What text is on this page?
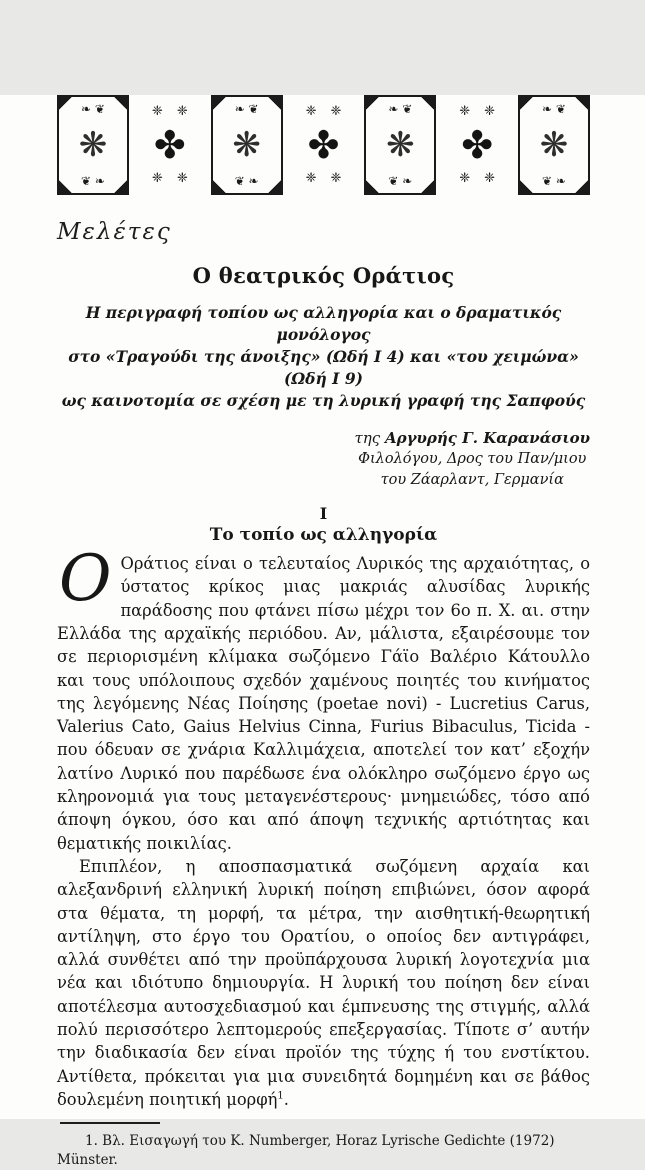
❧ ❦ ❋
❦ ❧ ❈❈ ✤
❈❈ ❧ ❦ ❋
❦ ❧ ❈❈ ✤
❈❈ ❧ ❦ ❋
❦ ❧ ❈❈ ✤
❈❈ ❧ ❦ ❋
❦ ❧
Μελέτες
Ο θεατρικός Οράτιος
Η περιγραφή τοπίου ως αλληγορία και ο δραματικός μονόλογος
στο «Τραγούδι της άνοιξης» (Ωδή I 4) και «του χειμώνα» (Ωδή I 9)
ως καινοτομία σε σχέση με τη λυρική γραφή της Σαπφούς
της Αργυρής Γ. Καρανάσιου
Φιλολόγου, Δρος του Παν/μιου
του Ζάαρλαντ, Γερμανία
I
Το τοπίο ως αλληγορία

Ο Οράτιος είναι ο τελευταίος Λυρικός της αρχαιότητας, ο ύστατος κρίκος μιας μακριάς αλυσίδας λυρικής παράδοσης που φτάνει πίσω μέχρι τον 6ο π. Χ. αι. στην Ελλάδα της αρχαϊκής περιόδου. Αν, μάλιστα, εξαιρέσουμε τον σε περιορισμένη κλίμακα σωζόμενο Γάϊο Βαλέριο Κάτουλλο και τους υπόλοιπους σχεδόν χαμένους ποιητές του κινήματος της λεγόμενης Νέας Ποίησης (poetae novi) - Lucretius Carus, Valerius Cato, Gaius Helvius Cinna, Furius Bibaculus, Ticida - που όδευαν σε χνάρια Καλλιμάχεια, αποτελεί τον κατ’ εξοχήν λατίνο Λυρικό που παρέδωσε ένα ολόκληρο σωζόμενο έργο ως κληρονομιά για τους μεταγενέστερους· μνημειώδες, τόσο από άποψη όγκου, όσο και από άποψη τεχνικής αρτιότητας και θεματικής ποικιλίας.

Επιπλέον, η αποσπασματικά σωζόμενη αρχαία και αλεξανδρινή ελληνική λυρική ποίηση επιβιώνει, όσον αφορά στα θέματα, τη μορφή, τα μέτρα, την αισθητική-θεωρητική αντίληψη, στο έργο του Ορατίου, ο οποίος δεν αντιγράφει, αλλά συνθέτει από την προϋπάρχουσα λυρική λογοτεχνία μια νέα και ιδιότυπο δημιουργία. Η λυρική του ποίηση δεν είναι αποτέλεσμα αυτοσχεδιασμού και έμπνευσης της στιγμής, αλλά πολύ περισσότερο λεπτομερούς επεξεργασίας. Τίποτε σ’ αυτήν την διαδικασία δεν είναι προϊόν της τύχης ή του ενστίκτου. Αντίθετα, πρόκειται για μια συνειδητά δομημένη και σε βάθος δουλεμένη ποιητική μορφή$^1$.

1. Βλ. Εισαγωγή του K. Numberger, Horaz Lyrische Gedichte (1972) Münster.
